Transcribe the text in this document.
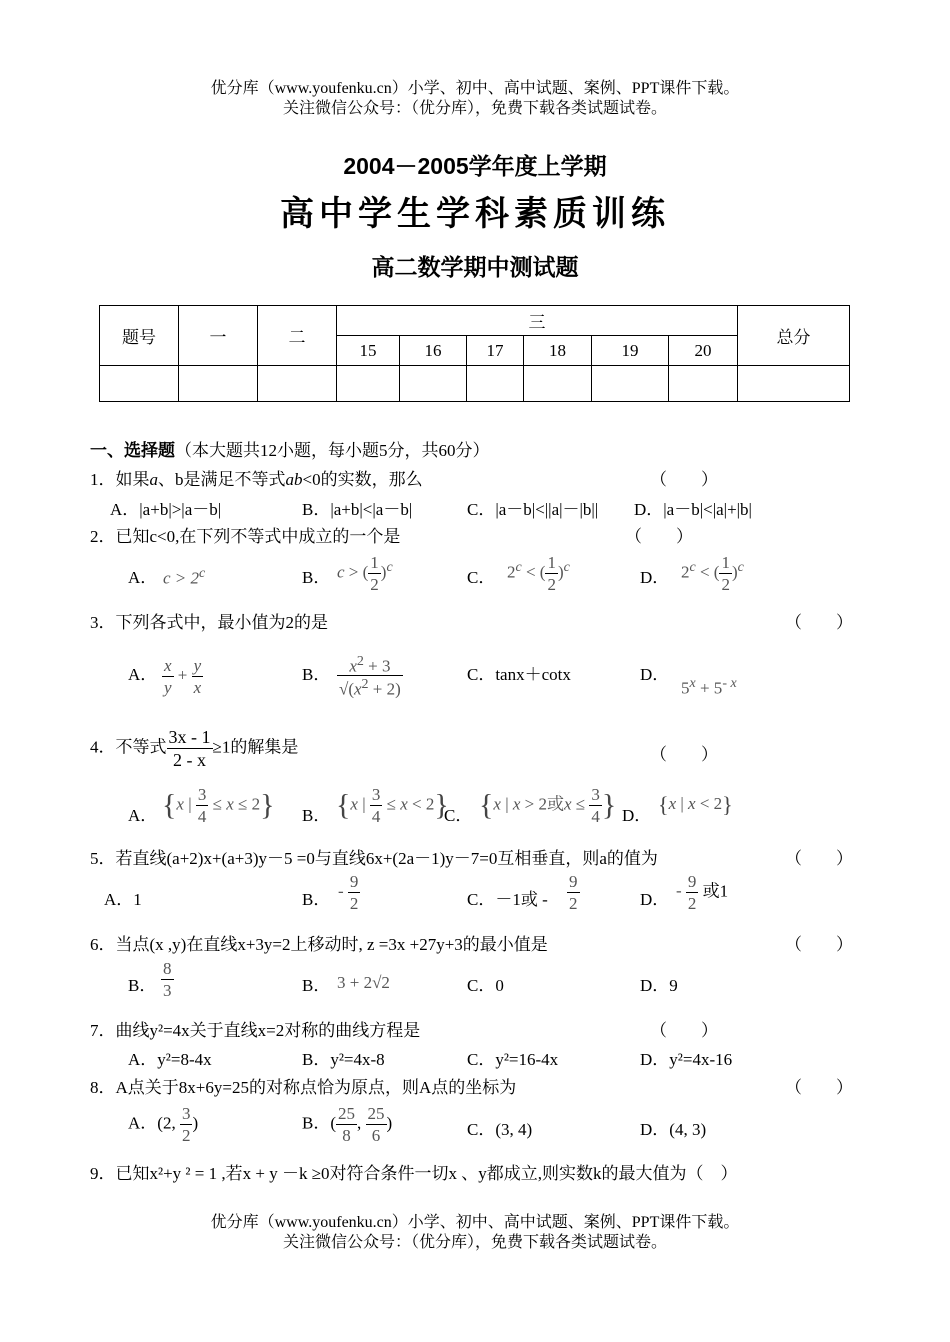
优分库（www.youfenku.cn）小学、初中、高中试题、案例、PPT课件下载。
关注微信公众号：（优分库），免费下载各类试题试卷。
2004－2005学年度上学期
高中学生学科素质训练
高二数学期中测试题
题号	一	二	三						总分
			15	16	17	18	19	20	

一、选择题（本大题共12小题，每小题5分，共60分）
1．如果a、b是满足不等式ab<0的实数，那么	（　　）
A．|a+b|>|a－b|	B．|a+b|<|a－b|	C．|a－b|<||a|－|b|| D．|a－b|<|a|+|b|
2．已知c<0,在下列不等式中成立的一个是	（　　）
A． $c > 2^c$	B． c > ( $\frac{1}{2} )^c$
C． $2^c$ < ( $\frac{1}{2} )^c$
D． $2^c$ < ( $\frac{1}{2} )^c$
3．下列各式中，最小值为2的是	（　　）
A． $\frac{x}{y} + \frac{y}{x}$	B． $\frac{x^2 + 3}{√(x^2 + 2)}$	C．tanx＋cotx	D．
$5^x + 5^{- x}$
4．不等式 $\frac{3x - 1}{2 - x} \ge 1$的解集是	（　　）
A． {x | $\frac{3}{4} \le x \le 2$} B． {x | $\frac{3}{4} \le x < 2$}
C． {x | x > 2或$x \le \frac{3}{4}$ } D． {x | x < 2}
5．若直线(a+2)x+(a+3)y－5 =0与直线6x+(2a－1)y－7=0互相垂直，则a的值为	（　　）
A．1	B． - $\frac{9}{2}$	C．－1或 - $\frac{9}{2}$	D． - $\frac{9}{2}$ 或1
6．当点(x ,y)在直线x+3y=2上移动时, z =3x +27y+3的最小值是	（　　）
B． $\frac{8}{3}$	B． 3 + 2√2	C．0	D．9
7．曲线y²=4x关于直线x=2对称的曲线方程是	（　　）
A．y²=8-4x	B．y²=4x-8	C．y²=16-4x	D．y²=4x-16
8．A点关于8x+6y=25的对称点恰为原点，则A点的坐标为	（　　）
A．(2, $\frac{3}{2}$ )	B．( $\frac{25}{8}$ , $\frac{25}{6}$ )	C．(3, 4)	D．(4, 3)
9．已知x²+y ² = 1 ,若x + y －k ≥0对符合条件一切x 、y都成立,则实数k的最大值为（　）
优分库（www.youfenku.cn）小学、初中、高中试题、案例、PPT课件下载。
关注微信公众号：（优分库），免费下载各类试题试卷。
